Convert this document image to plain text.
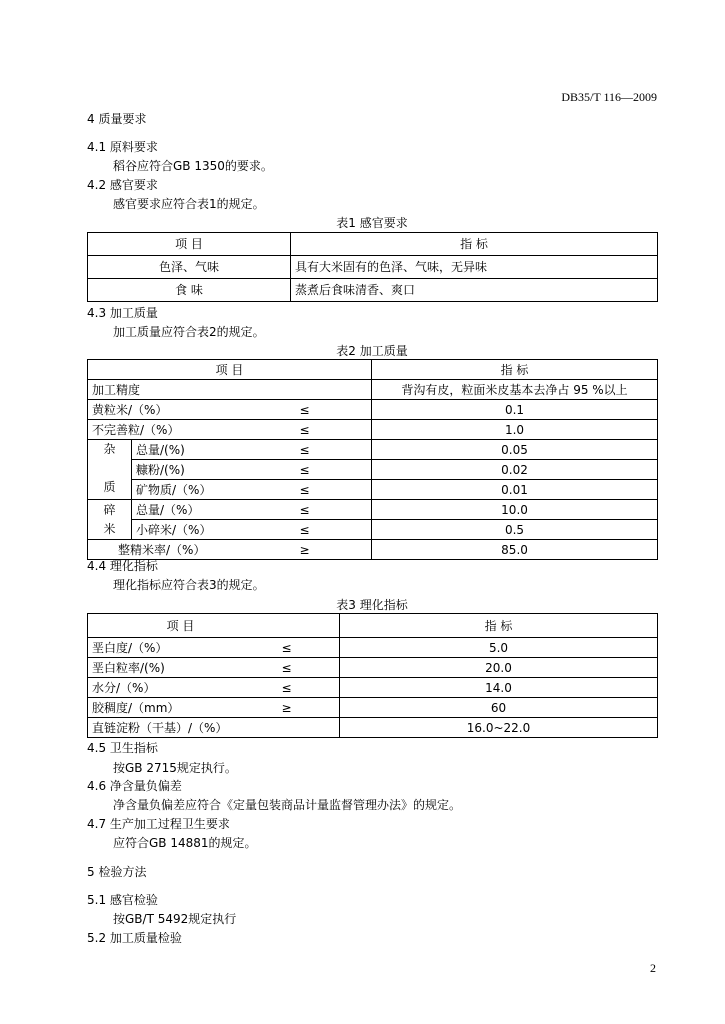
DB35/T 116—2009
4 质量要求
4.1 原料要求
稻谷应符合GB 1350的要求。
4.2 感官要求
感官要求应符合表1的规定。
表1 感官要求
项 目	指 标
色泽、气味	具有大米固有的色泽、气味，无异味
食 味	蒸煮后食味清香、爽口
4.3 加工质量
加工质量应符合表2的规定。
表2 加工质量
项 目			指 标
加工精度			背沟有皮，粒面米皮基本去净占 95 %以上
黄粒米/（%）		≤	0.1
不完善粒/（%）		≤	1.0

杂
质	总量/(%)	≤	0.05
	糠粉/(%)	≤	0.02
	矿物质/（%）	≤	0.01

碎
米	总量/（%）	≤	10.0
	小碎米/（%）	≤	0.5
整精米率/（%）		≥	85.0
4.4 理化指标
理化指标应符合表3的规定。
表3 理化指标
项 目		指 标
垩白度/（%）	≤	5.0
垩白粒率/(%)	≤	20.0
水分/（%）	≤	14.0
胶稠度/（mm）	≥	60
直链淀粉（干基）/（%）		16.0~22.0
4.5 卫生指标
按GB 2715规定执行。
4.6 净含量负偏差
净含量负偏差应符合《定量包装商品计量监督管理办法》的规定。
4.7 生产加工过程卫生要求
应符合GB 14881的规定。
5 检验方法
5.1 感官检验
按GB/T 5492规定执行
5.2 加工质量检验
2
